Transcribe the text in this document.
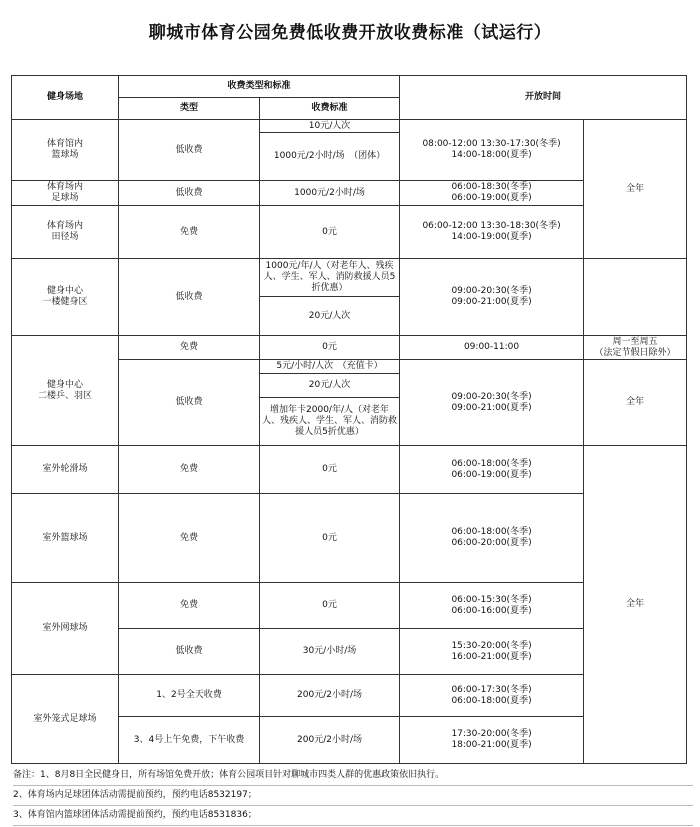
聊城市体育公园免费低收费开放收费标准（试运行）
健身场地	收费类型和标准		开放时间	
	类型	收费标准		
体育馆内
篮球场	低收费	10元/人次	08:00-12:00 13:30-17:30(冬季)
14:00-18:00(夏季)	全年
		1000元/2小时/场　（团体）		
体育场内
足球场	低收费	1000元/2小时/场	06:00-18:30(冬季)
06:00-19:00(夏季)	
体育场内
田径场	免费	0元	06:00-12:00 13:30-18:30(冬季)
14:00-19:00(夏季)	
健身中心
一楼健身区	低收费	1000元/年/人（对老年人、残疾人、学生、军人、消防救援人员5折优惠）	09:00-20:30(冬季)
09:00-21:00(夏季)	
		20元/人次		
健身中心
二楼乒、羽区	免费	0元	09:00-11:00	周一至周五
（法定节假日除外）
	低收费	5元/小时/人次　（充值卡）	09:00-20:30(冬季)
09:00-21:00(夏季)	全年
		20元/人次		
		增加年卡2000/年/人（对老年人、残疾人、学生、军人、消防救援人员5折优惠）		
室外轮滑场	免费	0元	06:00-18:00(冬季)
06:00-19:00(夏季)	全年
室外篮球场	免费	0元	06:00-18:00(冬季)
06:00-20:00(夏季)	
室外网球场	免费	0元	06:00-15:30(冬季)
06:00-16:00(夏季)	
	低收费	30元/小时/场	15:30-20:00(冬季)
16:00-21:00(夏季)	
室外笼式足球场	1、2号全天收费	200元/2小时/场	06:00-17:30(冬季)
06:00-18:00(夏季)	
	3、4号上午免费，下午收费	200元/2小时/场	17:30-20:00(冬季)
18:00-21:00(夏季)	
备注：1、8月8日全民健身日，所有场馆免费开放；体育公园项目针对聊城市四类人群的优惠政策依旧执行。
2、体育场内足球团体活动需提前预约，预约电话8532197；
3、体育馆内篮球团体活动需提前预约，预约电话8531836；
